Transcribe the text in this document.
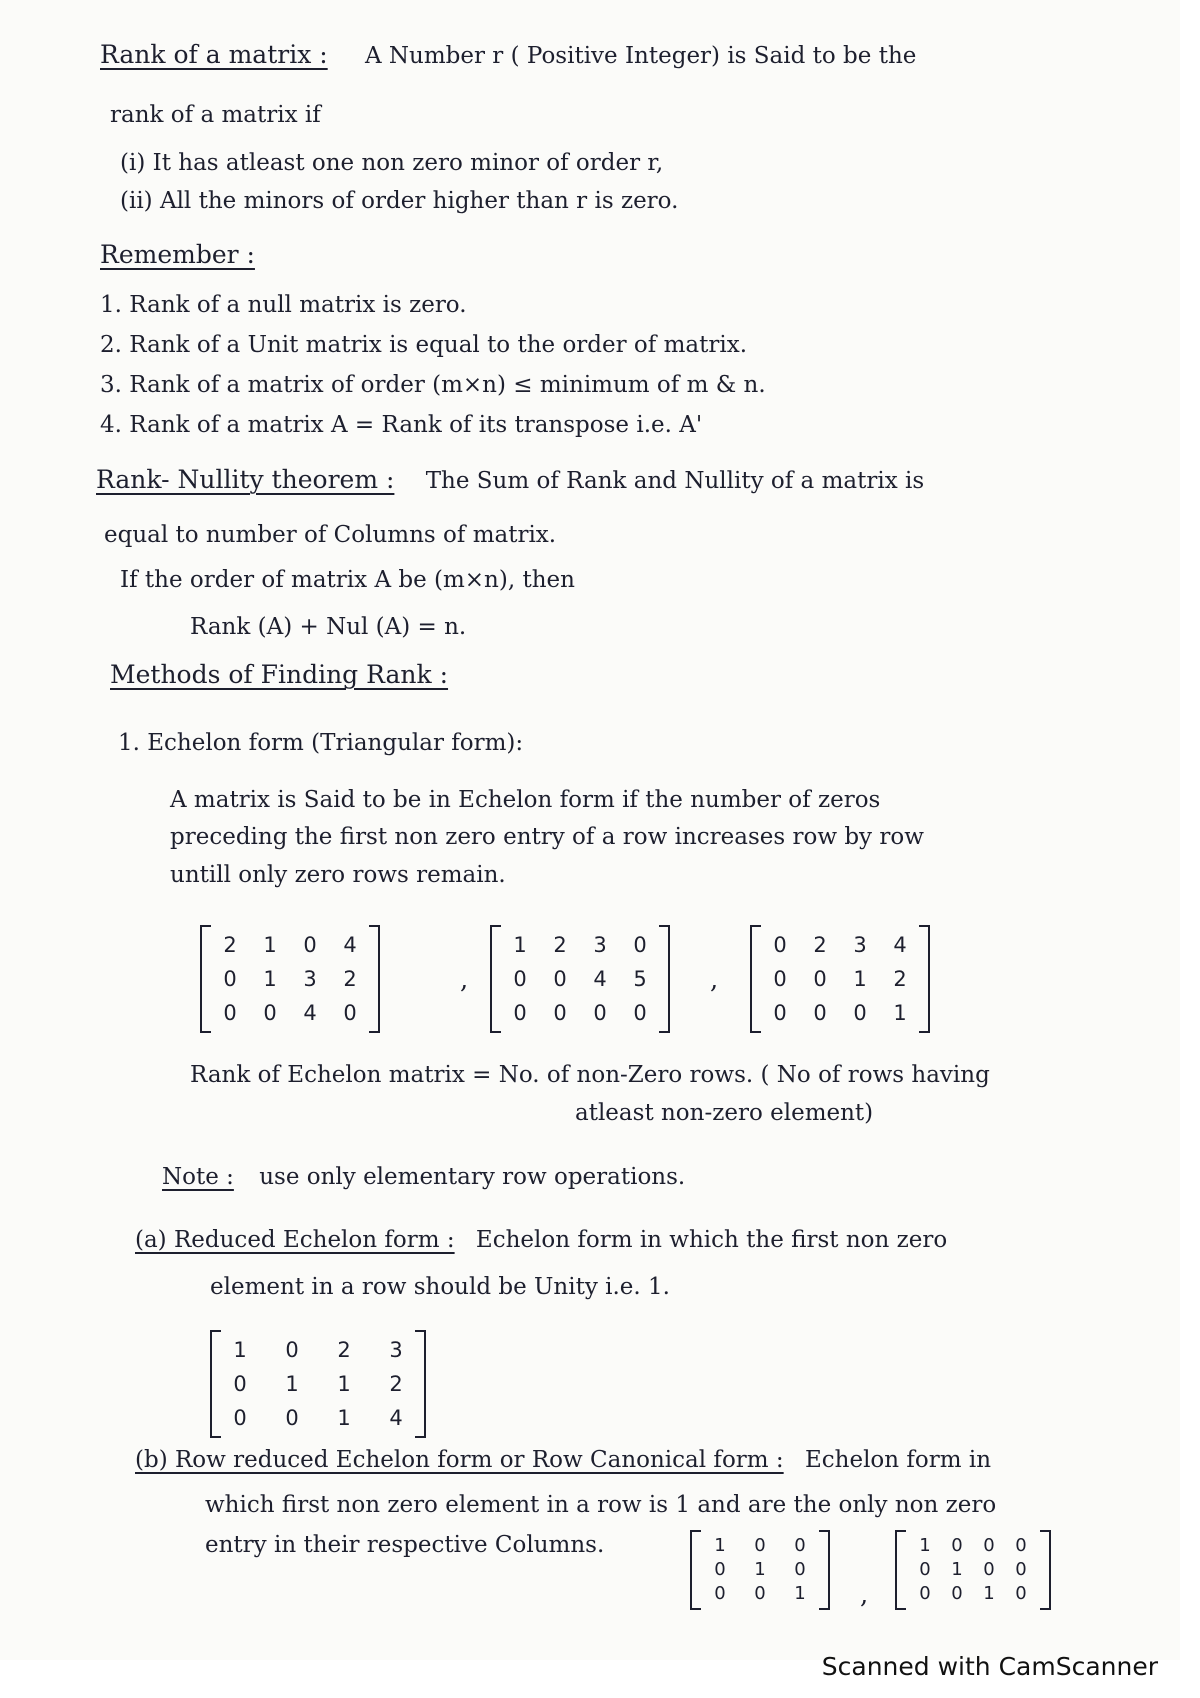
Rank of a matrix : A Number r ( Positive Integer) is Said to be the
rank of a matrix if
(i) It has atleast one non zero minor of order r,
(ii) All the minors of order higher than r is zero.
Remember :
1. Rank of a null matrix is zero.
2. Rank of a Unit matrix is equal to the order of matrix.
3. Rank of a matrix of order (m×n) ≤ minimum of m & n.
4. Rank of a matrix A = Rank of its transpose i.e. A'
Rank- Nullity theorem : The Sum of Rank and Nullity of a matrix is
equal to number of Columns of matrix.
If the order of matrix A be (m×n), then
Rank (A) + Nul (A) = n.
Methods of Finding Rank :
1. Echelon form (Triangular form):
A matrix is Said to be in Echelon form if the number of zeros
preceding the first non zero entry of a row increases row by row
untill only zero rows remain.
2 1 0 4
0 1 3 2
0 0 4 0
,
1 2 3 0
0 0 4 5
0 0 0 0
,
0 2 3 4
0 0 1 2
0 0 0 1
Rank of Echelon matrix = No. of non-Zero rows. ( No of rows having
atleast non-zero element)
Note : use only elementary row operations.
(a) Reduced Echelon form : Echelon form in which the first non zero
element in a row should be Unity i.e. 1.
1 0 2 3
0 1 1 2
0 0 1 4
(b) Row reduced Echelon form or Row Canonical form : Echelon form in
which first non zero element in a row is 1 and are the only non zero
entry in their respective Columns.	1 0 0
0 1 0
0 0 1 ,
1 0 0 0
0 1 0 0
0 0 1 0
Scanned with CamScanner
